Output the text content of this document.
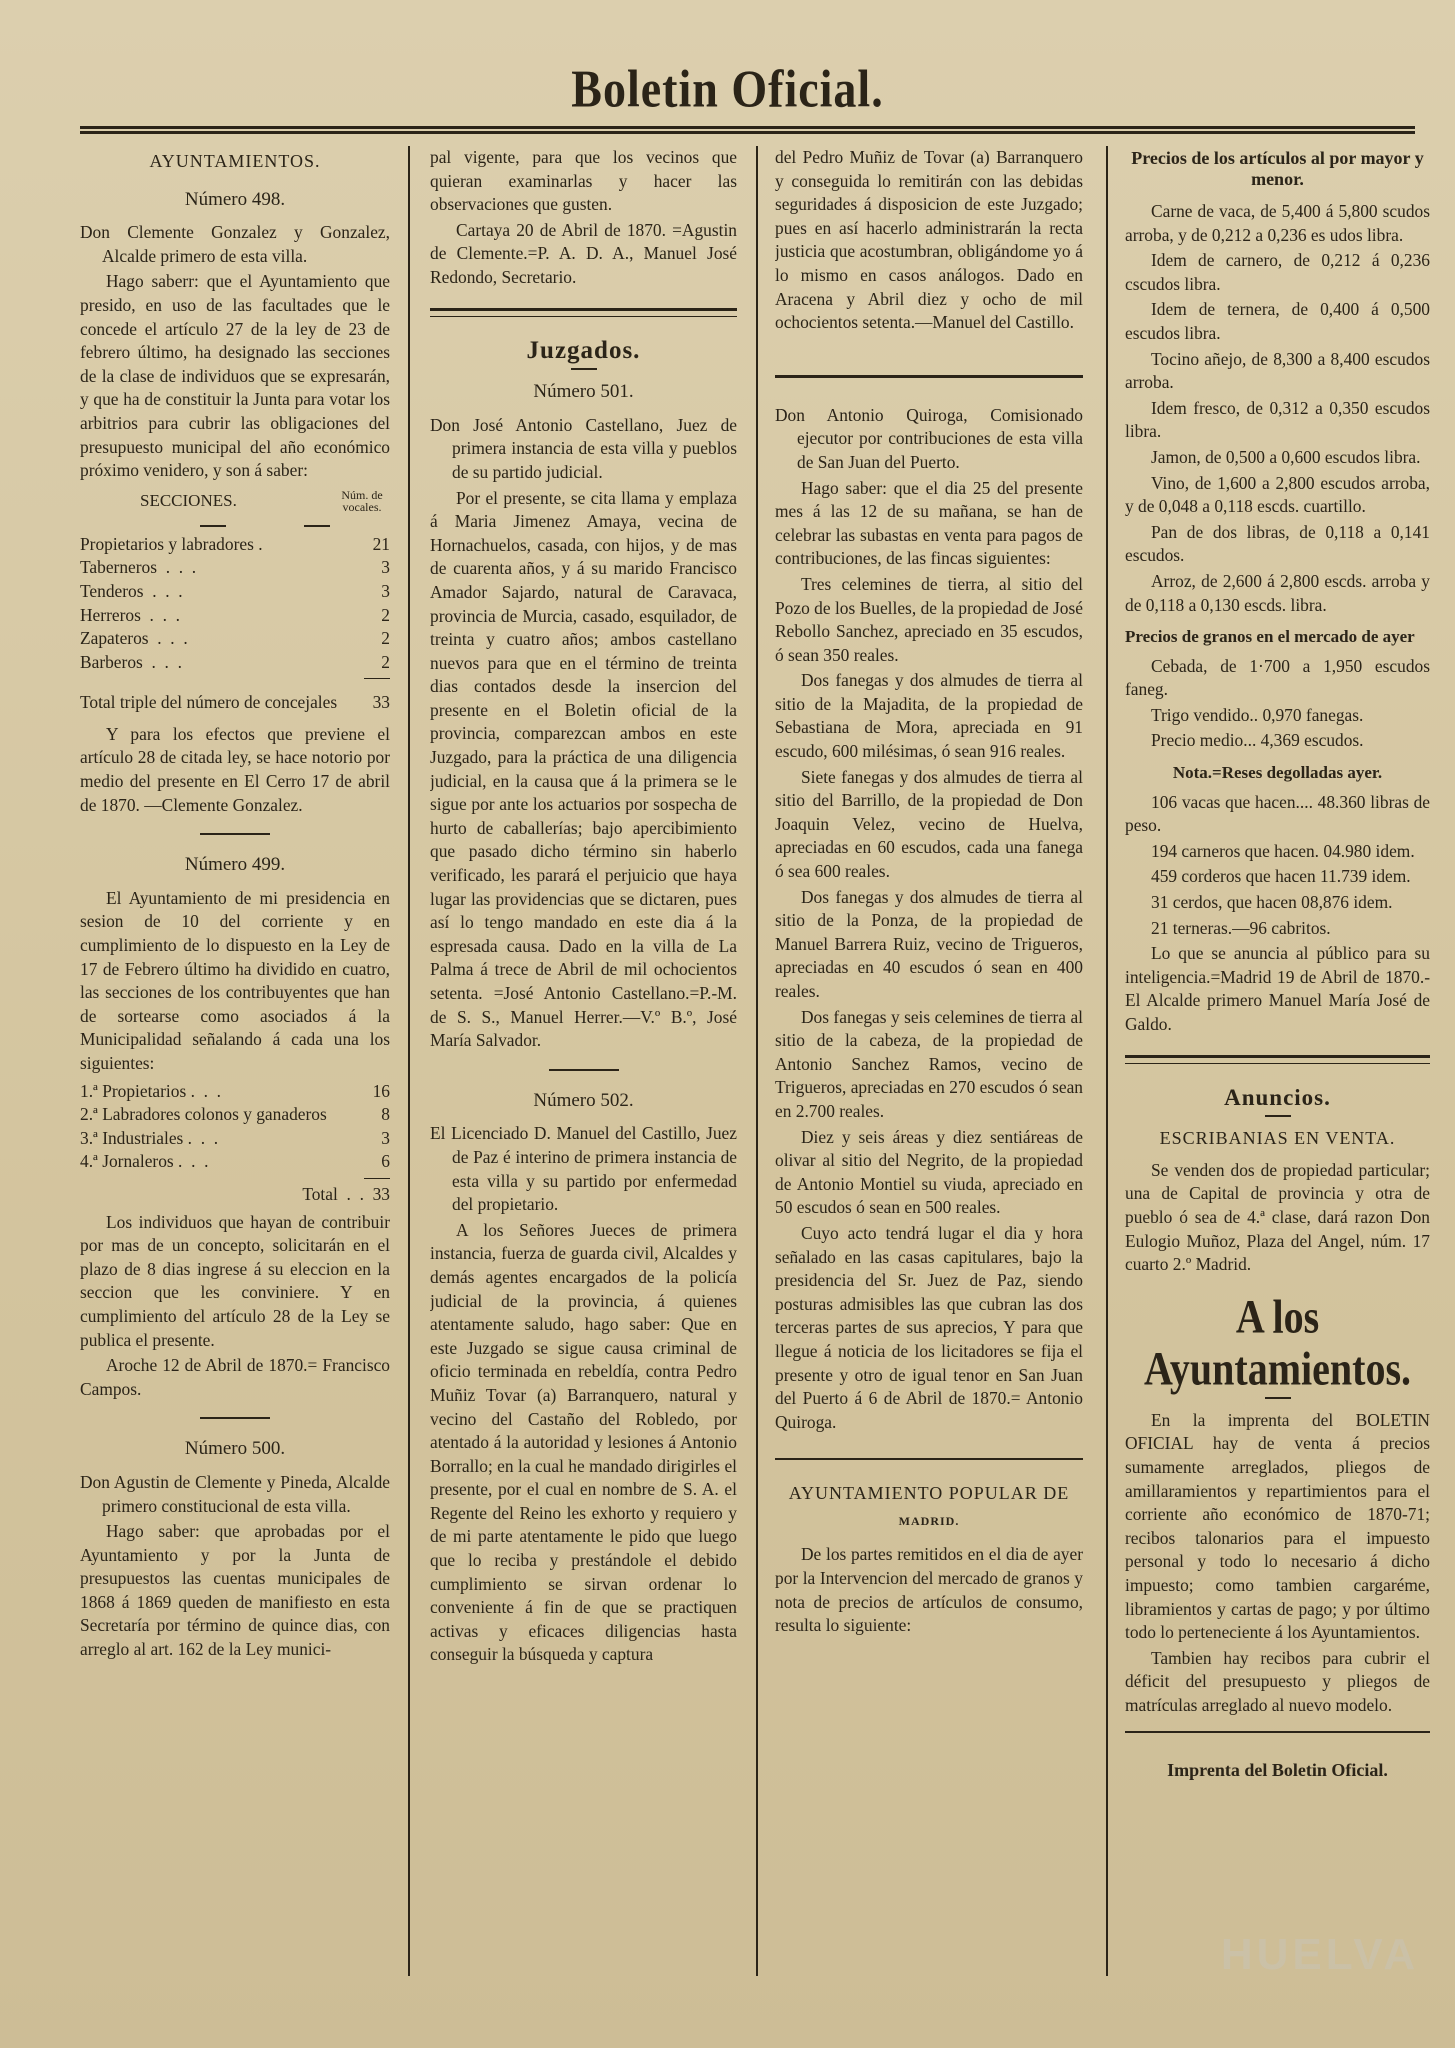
Boletin Oficial.

AYUNTAMIENTOS.

Número 498.

Don Clemente Gonzalez y Gonzalez, Alcalde primero de esta villa.

Hago saberr: que el Ayuntamiento que presido, en uso de las facultades que le concede el artículo 27 de la ley de 23 de febrero último, ha designado las secciones de la clase de individuos que se expresarán, y que ha de constituir la Junta para votar los arbitrios para cubrir las obligaciones del presupuesto municipal del año económico próximo venidero, y son á saber:

SECCIONES.	Núm. de vocales.
Propietarios y labradores .	21
Taberneros .  .  .	3
Tenderos .  .  .	3
Herreros .  .  .	2
Zapateros .  .  .	2
Barberos .  .  .	2
Total triple del número de concejales	33

Y para los efectos que previene el artículo 28 de citada ley, se hace notorio por medio del presente en El Cerro 17 de abril de 1870. —Clemente Gonzalez.

Número 499.

El Ayuntamiento de mi presidencia en sesion de 10 del corriente y en cumplimiento de lo dispuesto en la Ley de 17 de Febrero último ha dividido en cuatro, las secciones de los contribuyentes que han de sortearse como asociados á la Municipalidad señalando á cada una los siguientes:

1.ª Propietarios .  .  .	16
2.ª Labradores colonos y ganaderos	8
3.ª Industriales .  .  .	3
4.ª Jornaleros .  .  .	6
Total .  . 33

Los individuos que hayan de contribuir por mas de un concepto, solicitarán en el plazo de 8 dias ingrese á su eleccion en la seccion que les conviniere. Y en cumplimiento del artículo 28 de la Ley se publica el presente.

Aroche 12 de Abril de 1870.= Francisco Campos.

Número 500.

Don Agustin de Clemente y Pineda, Alcalde primero constitucional de esta villa.

Hago saber: que aprobadas por el Ayuntamiento y por la Junta de presupuestos las cuentas municipales de 1868 á 1869 queden de manifiesto en esta Secretaría por término de quince dias, con arreglo al art. 162 de la Ley munici-

pal vigente, para que los vecinos que quieran examinarlas y hacer las observaciones que gusten.

Cartaya 20 de Abril de 1870. =Agustin de Clemente.=P. A. D. A., Manuel José Redondo, Secretario.

Juzgados.

Número 501.

Don José Antonio Castellano, Juez de primera instancia de esta villa y pueblos de su partido judicial.

Por el presente, se cita llama y emplaza á Maria Jimenez Amaya, vecina de Hornachuelos, casada, con hijos, y de mas de cuarenta años, y á su marido Francisco Amador Sajardo, natural de Caravaca, provincia de Murcia, casado, esquilador, de treinta y cuatro años; ambos castellano nuevos para que en el término de treinta dias contados desde la insercion del presente en el Boletin oficial de la provincia, comparezcan ambos en este Juzgado, para la práctica de una diligencia judicial, en la causa que á la primera se le sigue por ante los actuarios por sospecha de hurto de caballerías; bajo apercibimiento que pasado dicho término sin haberlo verificado, les parará el perjuicio que haya lugar las providencias que se dictaren, pues así lo tengo mandado en este dia á la espresada causa. Dado en la villa de La Palma á trece de Abril de mil ochocientos setenta. =José Antonio Castellano.=P.-M. de S. S., Manuel Herrer.—V.º B.º, José María Salvador.

Número 502.

El Licenciado D. Manuel del Castillo, Juez de Paz é interino de primera instancia de esta villa y su partido por enfermedad del propietario.

A los Señores Jueces de primera instancia, fuerza de guarda civil, Alcaldes y demás agentes encargados de la policía judicial de la provincia, á quienes atentamente saludo, hago saber: Que en este Juzgado se sigue causa criminal de oficio terminada en rebeldía, contra Pedro Muñiz Tovar (a) Barranquero, natural y vecino del Castaño del Robledo, por atentado á la autoridad y lesiones á Antonio Borrallo; en la cual he mandado dirigirles el presente, por el cual en nombre de S. A. el Regente del Reino les exhorto y requiero y de mi parte atentamente le pido que luego que lo reciba y prestándole el debido cumplimiento se sirvan ordenar lo conveniente á fin de que se practiquen activas y eficaces diligencias hasta conseguir la búsqueda y captura

del Pedro Muñiz de Tovar (a) Barranquero y conseguida lo remitirán con las debidas seguridades á disposicion de este Juzgado; pues en así hacerlo administrarán la recta justicia que acostumbran, obligándome yo á lo mismo en casos análogos. Dado en Aracena y Abril diez y ocho de mil ochocientos setenta.—Manuel del Castillo.

Don Antonio Quiroga, Comisionado ejecutor por contribuciones de esta villa de San Juan del Puerto.

Hago saber: que el dia 25 del presente mes á las 12 de su mañana, se han de celebrar las subastas en venta para pagos de contribuciones, de las fincas siguientes:

Tres celemines de tierra, al sitio del Pozo de los Buelles, de la propiedad de José Rebollo Sanchez, apreciado en 35 escudos, ó sean 350 reales.

Dos fanegas y dos almudes de tierra al sitio de la Majadita, de la propiedad de Sebastiana de Mora, apreciada en 91 escudo, 600 milésimas, ó sean 916 reales.

Siete fanegas y dos almudes de tierra al sitio del Barrillo, de la propiedad de Don Joaquin Velez, vecino de Huelva, apreciadas en 60 escudos, cada una fanega ó sea 600 reales.

Dos fanegas y dos almudes de tierra al sitio de la Ponza, de la propiedad de Manuel Barrera Ruiz, vecino de Trigueros, apreciadas en 40 escudos ó sean en 400 reales.

Dos fanegas y seis celemines de tierra al sitio de la cabeza, de la propiedad de Antonio Sanchez Ramos, vecino de Trigueros, apreciadas en 270 escudos ó sean en 2.700 reales.

Diez y seis áreas y diez sentiáreas de olivar al sitio del Negrito, de la propiedad de Antonio Montiel su viuda, apreciado en 50 escudos ó sean en 500 reales.

Cuyo acto tendrá lugar el dia y hora señalado en las casas capitulares, bajo la presidencia del Sr. Juez de Paz, siendo posturas admisibles las que cubran las dos terceras partes de sus aprecios, Y para que llegue á noticia de los licitadores se fija el presente y otro de igual tenor en San Juan del Puerto á 6 de Abril de 1870.= Antonio Quiroga.

AYUNTAMIENTO POPULAR DE

MADRID.

De los partes remitidos en el dia de ayer por la Intervencion del mercado de granos y nota de precios de artículos de consumo, resulta lo siguiente:

Precios de los artículos al por mayor y menor.

Carne de vaca, de 5,400 á 5,800 scudos arroba, y de 0,212 a 0,236 es udos libra.

Idem de carnero, de 0,212 á 0,236 cscudos libra.

Idem de ternera, de 0,400 á 0,500 escudos libra.

Tocino añejo, de 8,300 a 8,400 escudos arroba.

Idem fresco, de 0,312 a 0,350 escudos libra.

Jamon, de 0,500 a 0,600 escudos libra.

Vino, de 1,600 a 2,800 escudos arroba, y de 0,048 a 0,118 escds. cuartillo.

Pan de dos libras, de 0,118 a 0,141 escudos.

Arroz, de 2,600 á 2,800 escds. arroba y de 0,118 a 0,130 escds. libra.

Precios de granos en el mercado de ayer

Cebada, de 1·700 a 1,950 escudos faneg.

Trigo vendido.. 0,970 fanegas.

Precio medio... 4,369 escudos.

Nota.=Reses degolladas ayer.

106 vacas que hacen.... 48.360 libras de peso.

194 carneros que hacen. 04.980 idem.

459 corderos que hacen 11.739 idem.

31 cerdos, que hacen 08,876 idem.

21 terneras.—96 cabritos.

Lo que se anuncia al público para su inteligencia.=Madrid 19 de Abril de 1870.-El Alcalde primero Manuel María José de Galdo.

Anuncios.

ESCRIBANIAS EN VENTA.

Se venden dos de propiedad particular; una de Capital de provincia y otra de pueblo ó sea de 4.ª clase, dará razon Don Eulogio Muñoz, Plaza del Angel, núm. 17 cuarto 2.º Madrid.

A los Ayuntamientos.

En la imprenta del BOLETIN OFICIAL hay de venta á precios sumamente arreglados, pliegos de amillaramientos y repartimientos para el corriente año económico de 1870-71; recibos talonarios para el impuesto personal y todo lo necesario á dicho impuesto; como tambien cargaréme, libramientos y cartas de pago; y por último todo lo perteneciente á los Ayuntamientos.

Tambien hay recibos para cubrir el déficit del presupuesto y pliegos de matrículas arreglado al nuevo modelo.

Imprenta del Boletin Oficial.

HUELVA
